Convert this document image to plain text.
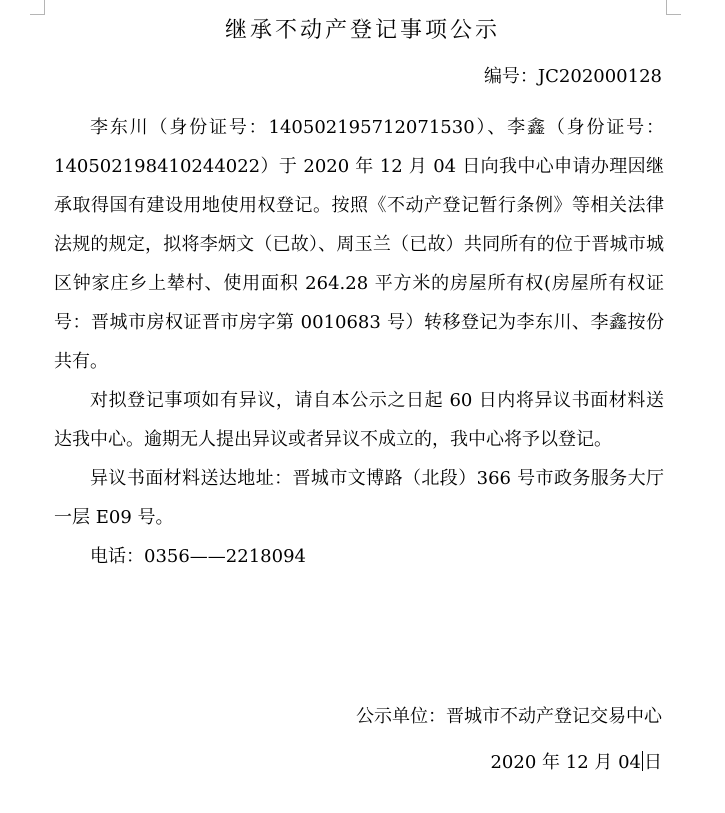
继承不动产登记事项公示
编号：JC202000128

李东川（身份证号：140502195712071530）、李鑫（身份证号：140502198410244022）于 2020 年 12 月 04 日向我中心申请办理因继承取得国有建设用地使用权登记。按照《不动产登记暂行条例》等相关法律法规的规定，拟将李炳文（已故）、周玉兰（已故）共同所有的位于晋城市城区钟家庄乡上辇村、使用面积 264.28 平方米的房屋所有权(房屋所有权证号：晋城市房权证晋市房字第 0010683 号）转移登记为李东川、李鑫按份共有。

对拟登记事项如有异议，请自本公示之日起 60 日内将异议书面材料送达我中心。逾期无人提出异议或者异议不成立的，我中心将予以登记。

异议书面材料送达地址：晋城市文博路（北段）366 号市政务服务大厅一层 E09 号。

电话：0356——2218094

公示单位：晋城市不动产登记交易中心
2020 年 12 月 04 日
